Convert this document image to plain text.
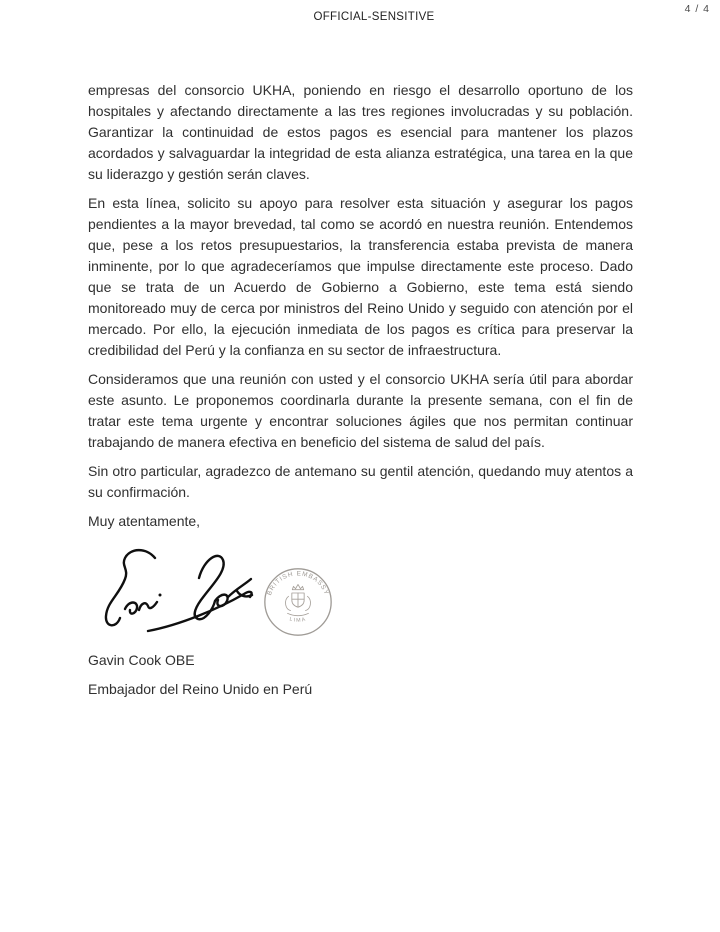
OFFICIAL-SENSITIVE
4 / 4

empresas del consorcio UKHA, poniendo en riesgo el desarrollo oportuno de los hospitales y afectando directamente a las tres regiones involucradas y su población. Garantizar la continuidad de estos pagos es esencial para mantener los plazos acordados y salvaguardar la integridad de esta alianza estratégica, una tarea en la que su liderazgo y gestión serán claves.

En esta línea, solicito su apoyo para resolver esta situación y asegurar los pagos pendientes a la mayor brevedad, tal como se acordó en nuestra reunión. Entendemos que, pese a los retos presupuestarios, la transferencia estaba prevista de manera inminente, por lo que agradeceríamos que impulse directamente este proceso. Dado que se trata de un Acuerdo de Gobierno a Gobierno, este tema está siendo monitoreado muy de cerca por ministros del Reino Unido y seguido con atención por el mercado. Por ello, la ejecución inmediata de los pagos es crítica para preservar la credibilidad del Perú y la confianza en su sector de infraestructura.

Consideramos que una reunión con usted y el consorcio UKHA sería útil para abordar este asunto. Le proponemos coordinarla durante la presente semana, con el fin de tratar este tema urgente y encontrar soluciones ágiles que nos permitan continuar trabajando de manera efectiva en beneficio del sistema de salud del país.

Sin otro particular, agradezco de antemano su gentil atención, quedando muy atentos a su confirmación.

Muy atentamente,

BRITISH EMBASSY
LIMA

Gavin Cook OBE

Embajador del Reino Unido en Perú
